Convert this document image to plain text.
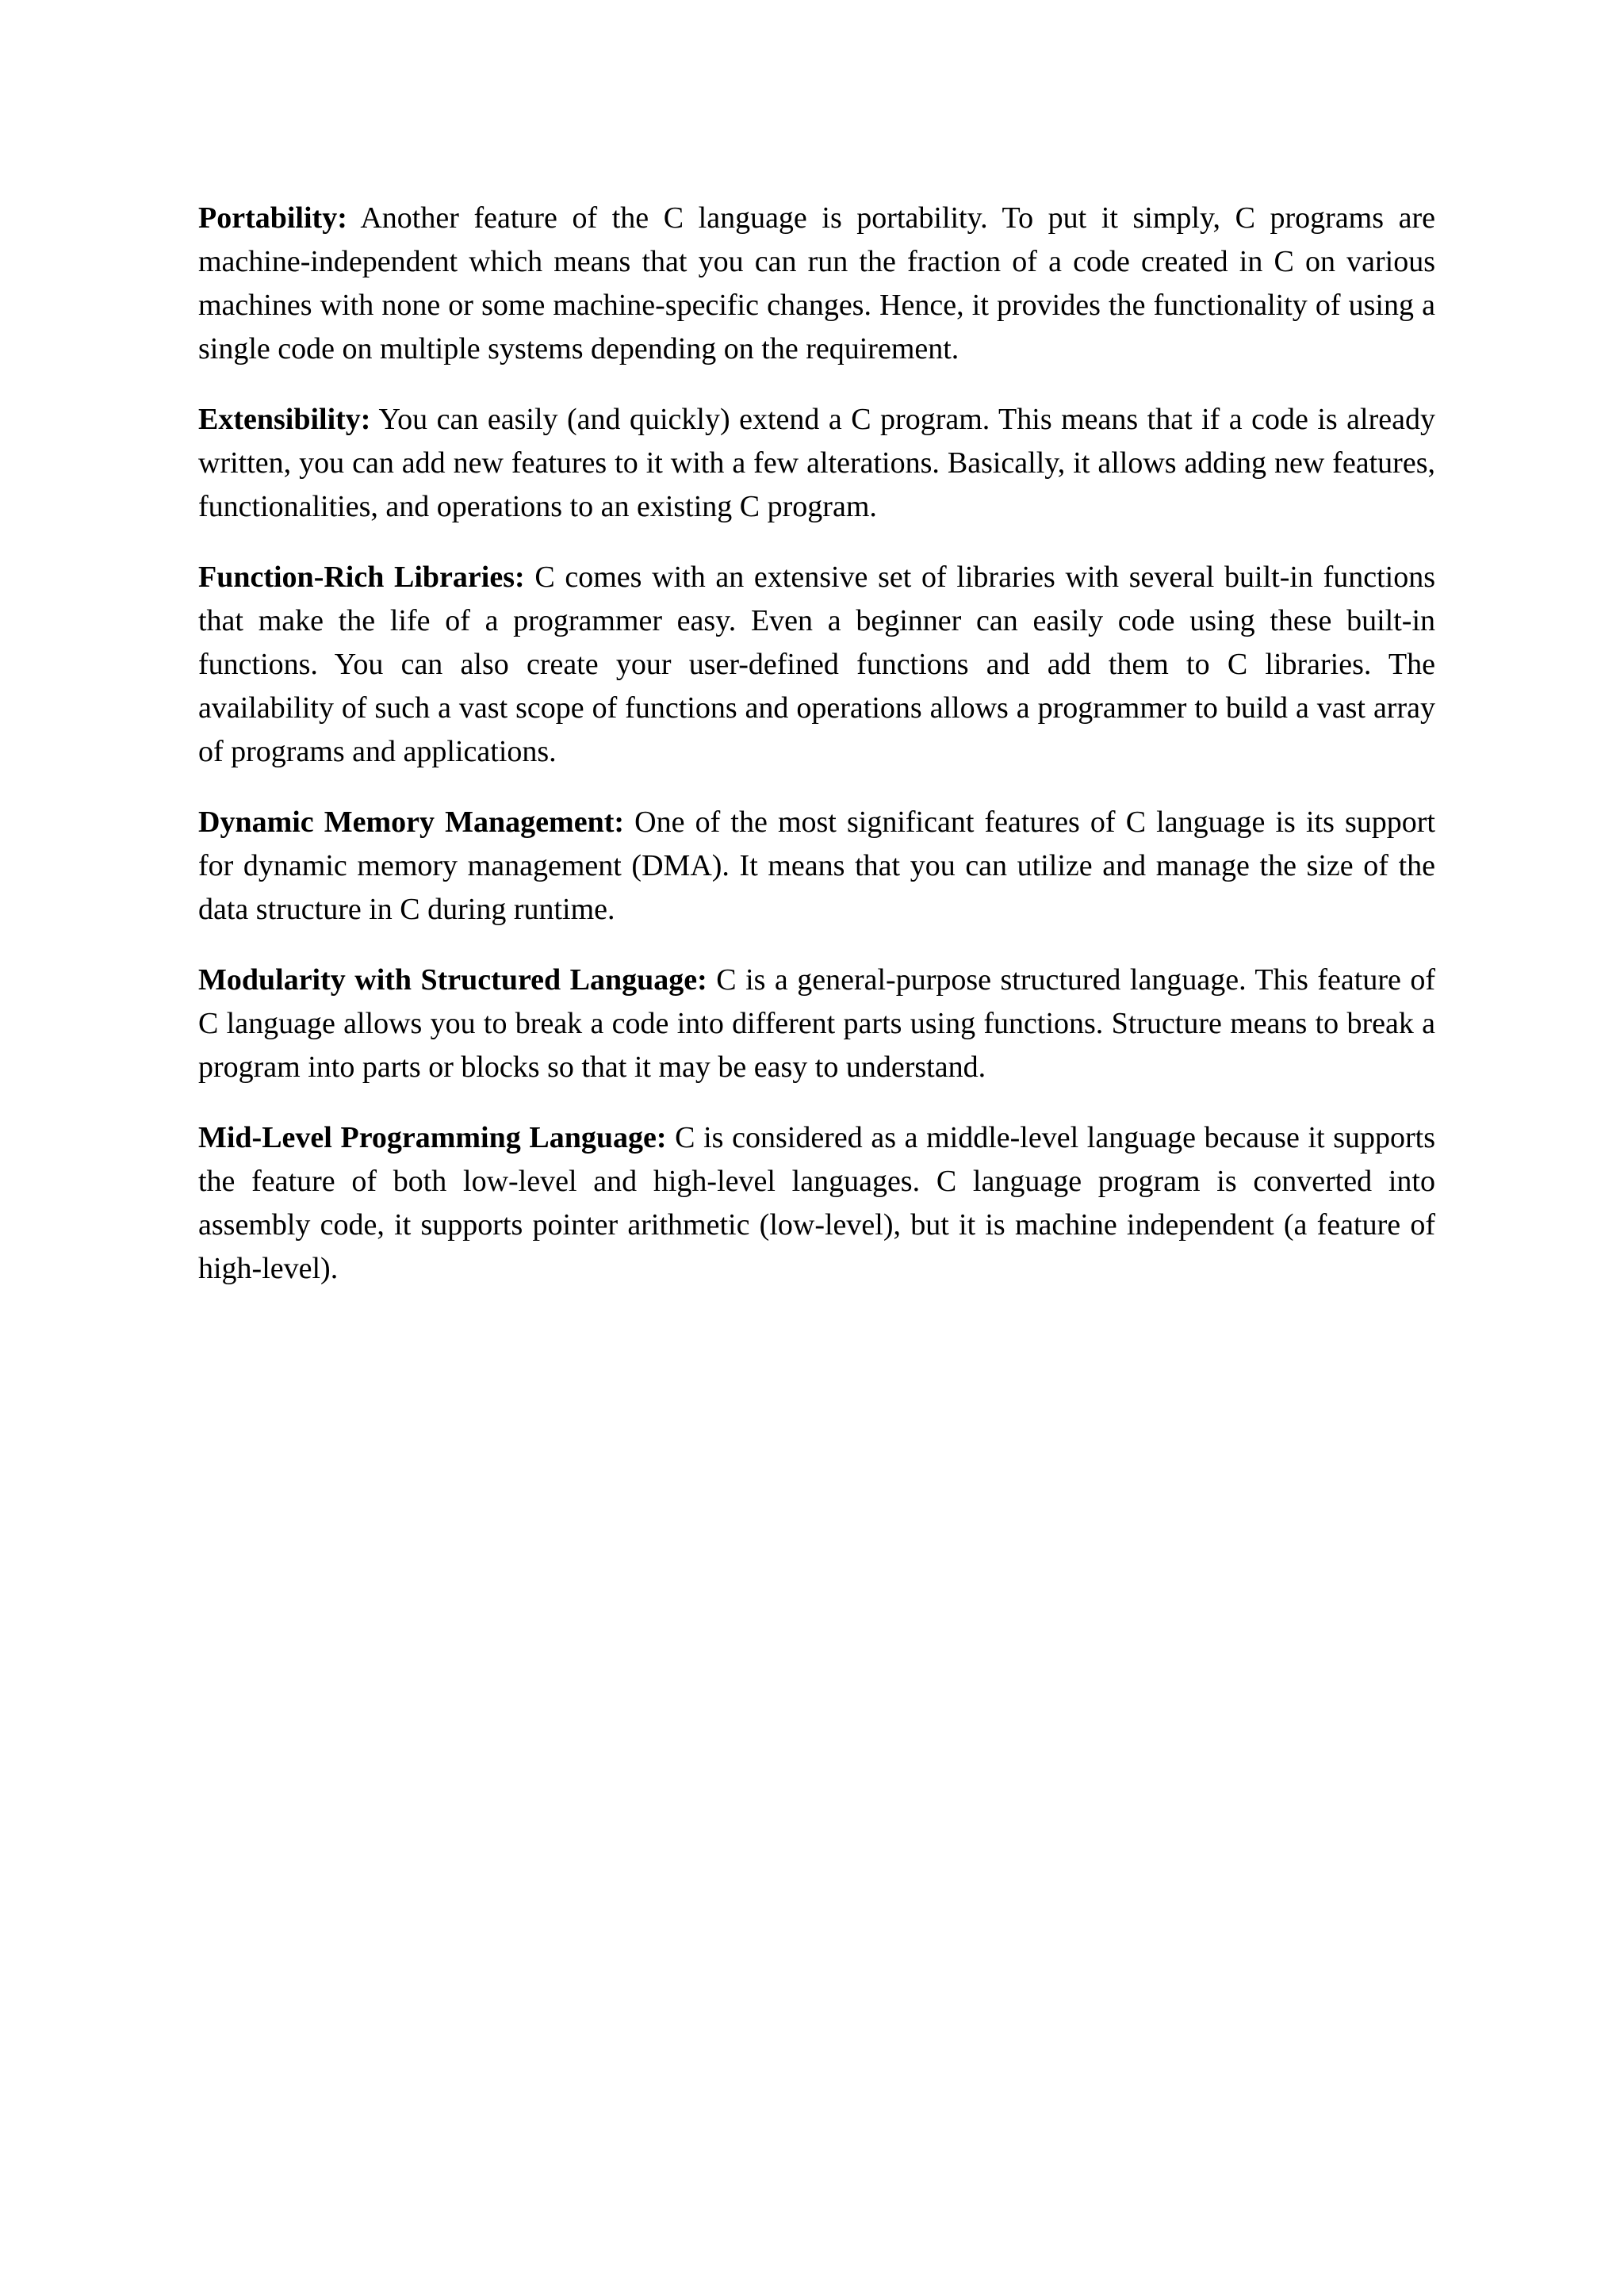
Portability: Another feature of the C language is portability. To put it simply, C programs are machine-independent which means that you can run the fraction of a code created in C on various machines with none or some machine-specific changes. Hence, it provides the functionality of using a single code on multiple systems depending on the requirement.

Extensibility: You can easily (and quickly) extend a C program. This means that if a code is already written, you can add new features to it with a few alterations. Basically, it allows adding new features, functionalities, and operations to an existing C program.

Function-Rich Libraries: C comes with an extensive set of libraries with several built-in functions that make the life of a programmer easy. Even a beginner can easily code using these built-in functions. You can also create your user-defined functions and add them to C libraries. The availability of such a vast scope of functions and operations allows a programmer to build a vast array of programs and applications.

Dynamic Memory Management: One of the most significant features of C language is its support for dynamic memory management (DMA). It means that you can utilize and manage the size of the data structure in C during runtime.

Modularity with Structured Language: C is a general-purpose structured language. This feature of C language allows you to break a code into different parts using functions. Structure means to break a program into parts or blocks so that it may be easy to understand.

Mid-Level Programming Language: C is considered as a middle-level language because it supports the feature of both low-level and high-level languages. C language program is converted into assembly code, it supports pointer arithmetic (low-level), but it is machine independent (a feature of high-level).
